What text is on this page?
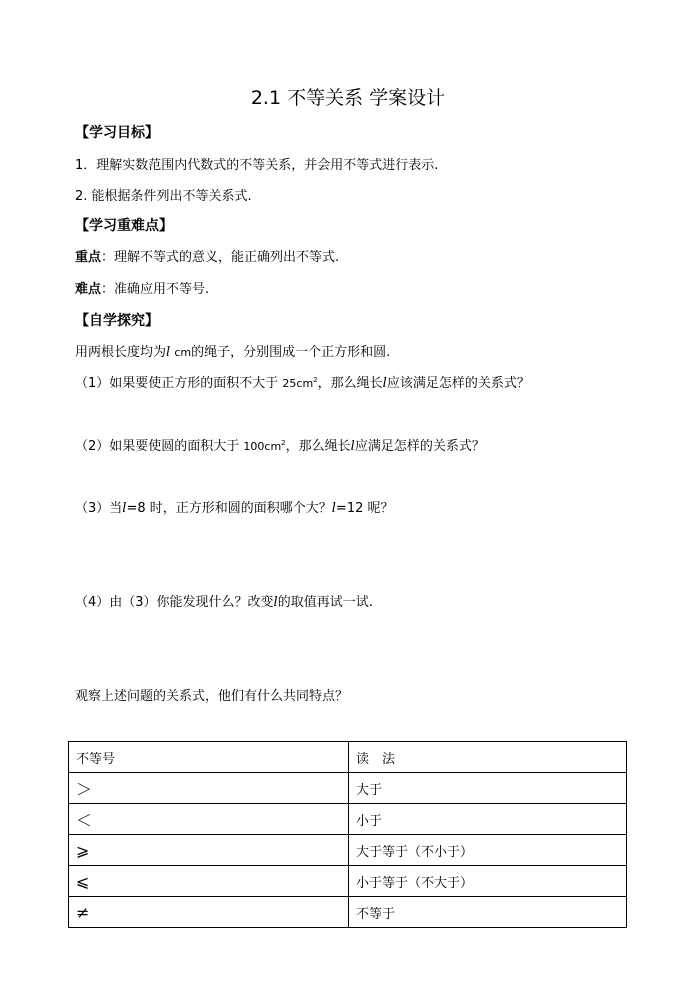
2.1 不等关系 学案设计
【学习目标】
1．理解实数范围内代数式的不等关系，并会用不等式进行表示.
2. 能根据条件列出不等关系式.
【学习重难点】
重点：理解不等式的意义，能正确列出不等式.
难点：准确应用不等号.
【自学探究】
用两根长度均为l cm的绳子，分别围成一个正方形和圆.
（1）如果要使正方形的面积不大于 $25cm^2$，那么绳长l应该满足怎样的关系式？
（2）如果要使圆的面积大于 $100cm^2$，那么绳长l应满足怎样的关系式？
（3）当l=8 时，正方形和圆的面积哪个大？l=12 呢？
（4）由（3）你能发现什么？改变l的取值再试一试.
观察上述问题的关系式，他们有什么共同特点？
不等号	读　法
＞	大于
＜	小于
⩾	大于等于（不小于）
⩽	小于等于（不大于）
≠	不等于
